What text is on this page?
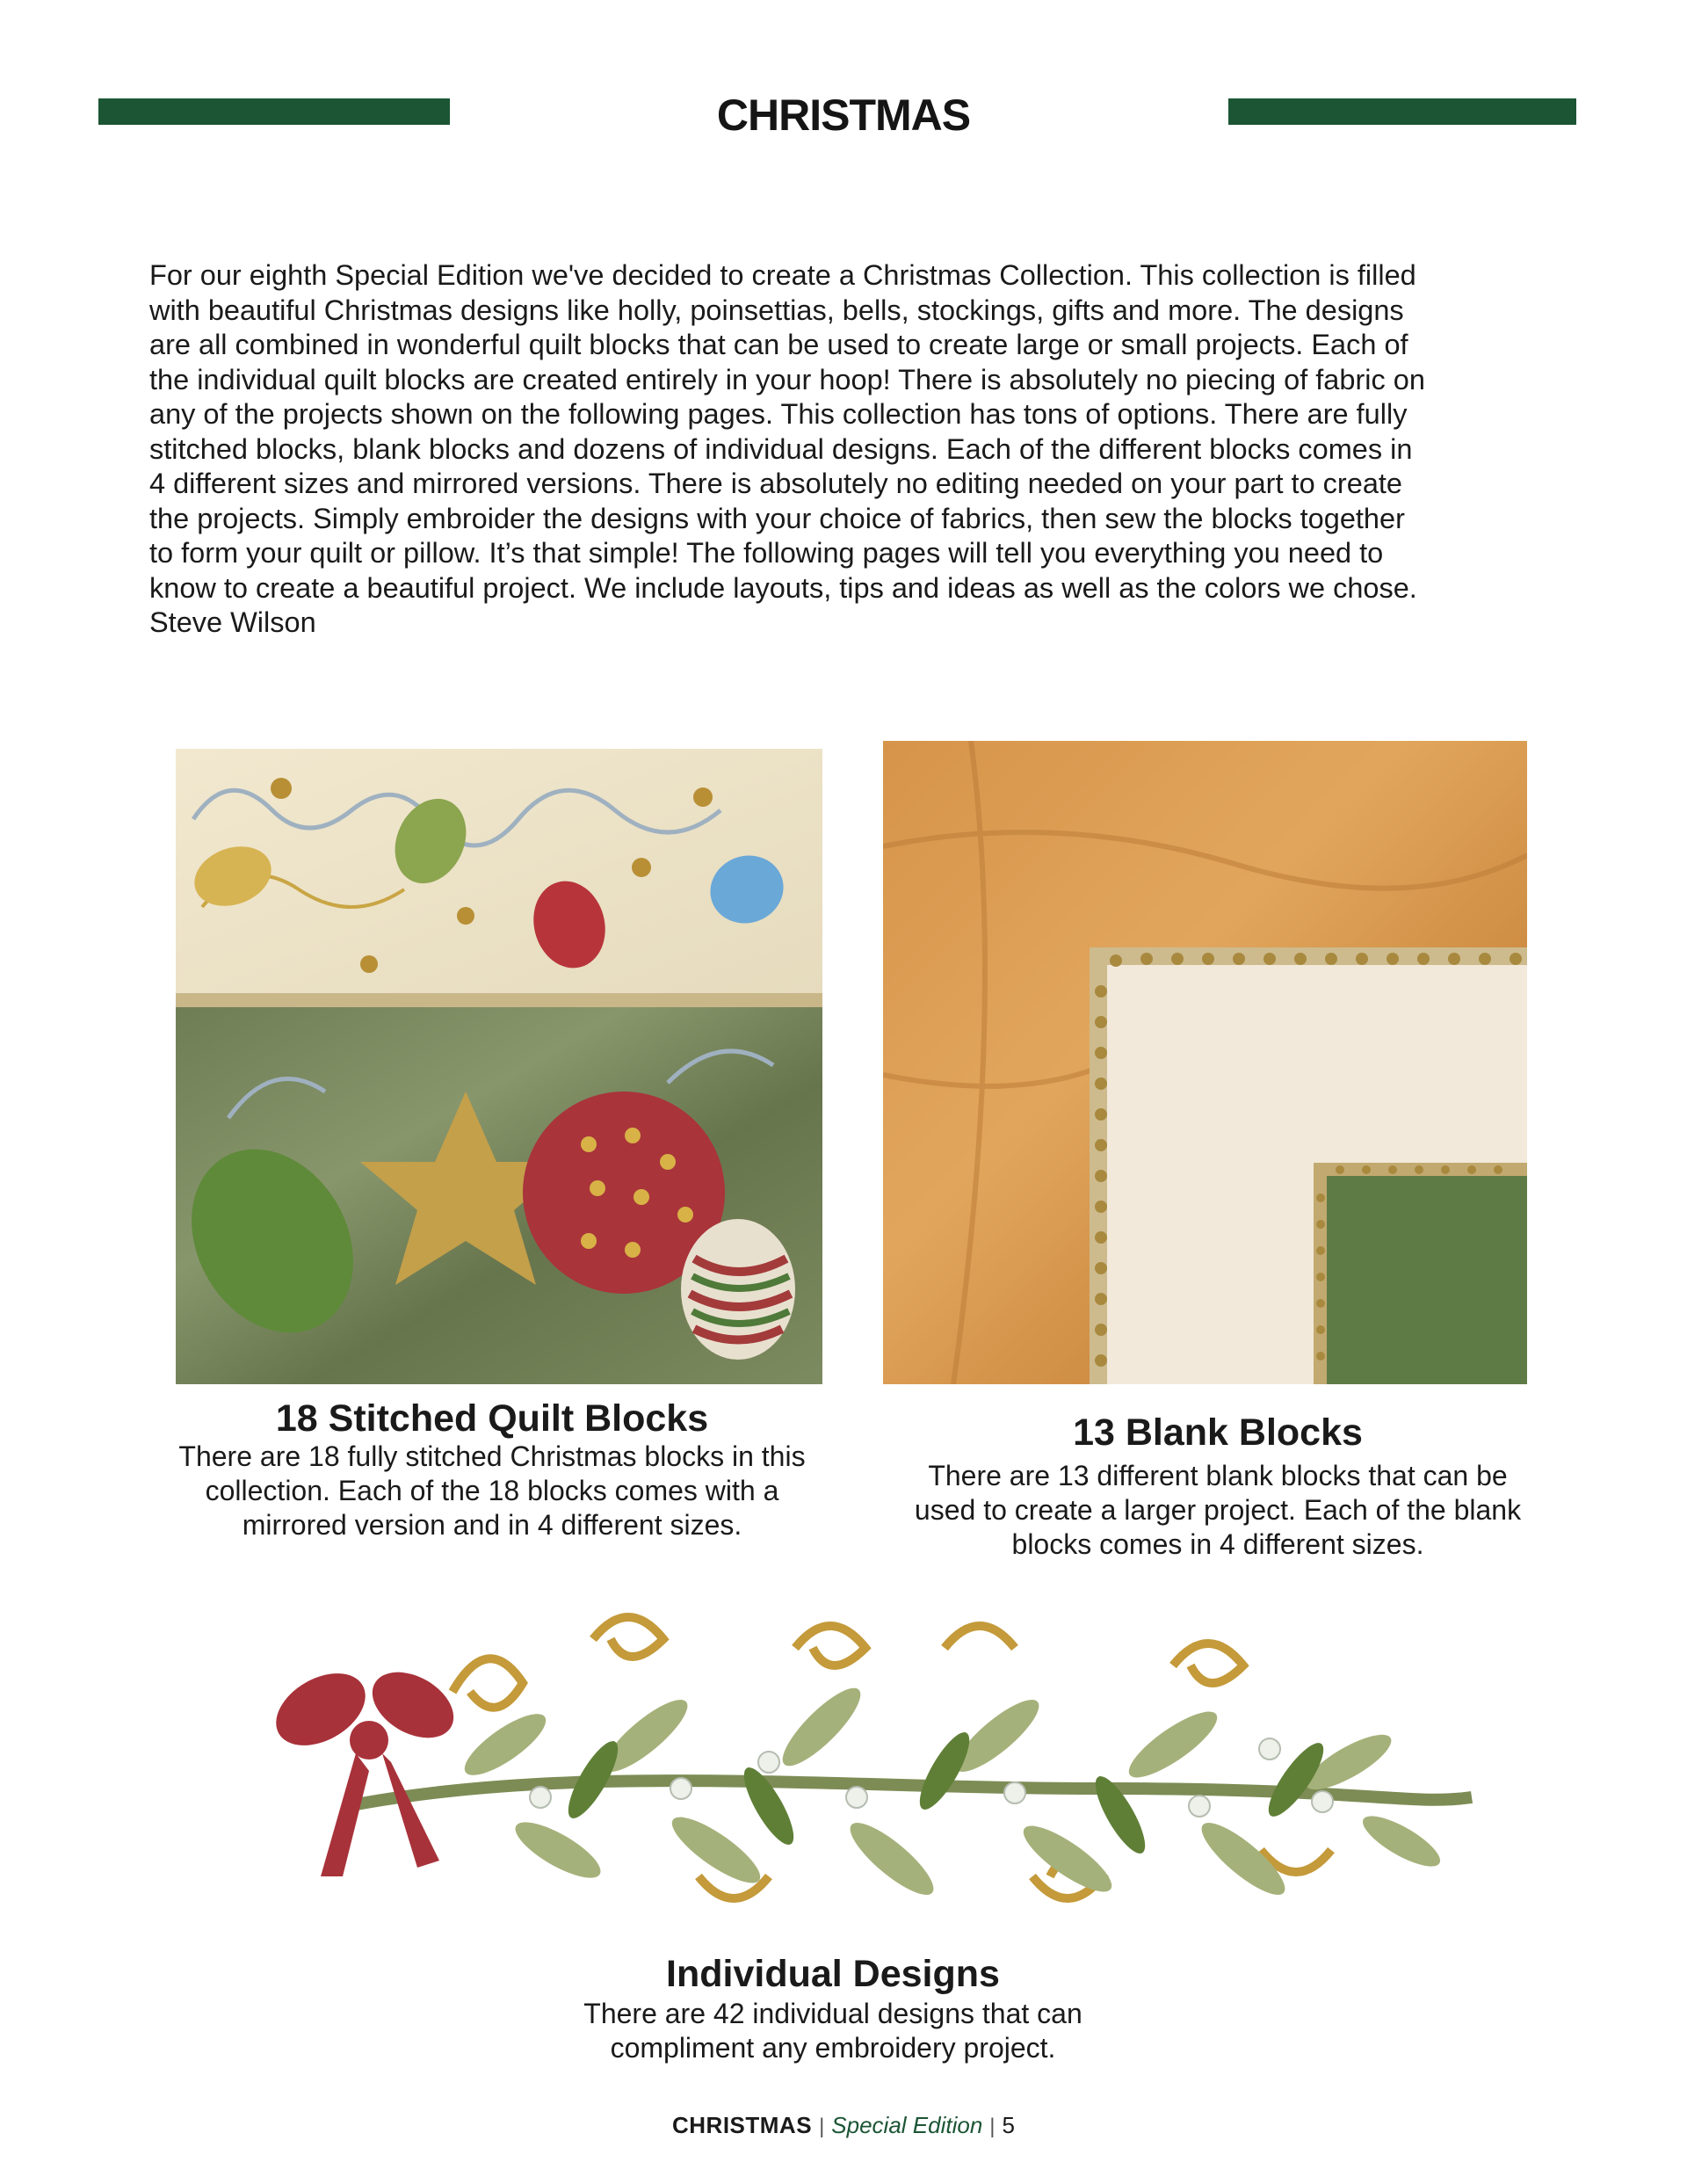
CHRISTMAS

For our eighth Special Edition we've decided to create a Christmas Collection. This collection is filled
with beautiful Christmas designs like holly, poinsettias, bells, stockings, gifts and more. The designs
are all combined in wonderful quilt blocks that can be used to create large or small projects. Each of
the individual quilt blocks are created entirely in your hoop! There is absolutely no piecing of fabric on
any of the projects shown on the following pages. This collection has tons of options. There are fully
stitched blocks, blank blocks and dozens of individual designs. Each of the different blocks comes in
4 different sizes and mirrored versions. There is absolutely no editing needed on your part to create
the projects. Simply embroider the designs with your choice of fabrics, then sew the blocks together
to form your quilt or pillow. It’s that simple! The following pages will tell you everything you need to
know to create a beautiful project. We include layouts, tips and ideas as well as the colors we chose.
Steve Wilson

18 Stitched Quilt Blocks

There are 18 fully stitched Christmas blocks in this
collection. Each of the 18 blocks comes with a
mirrored version and in 4 different sizes.

13 Blank Blocks

There are 13 different blank blocks that can be
used to create a larger project. Each of the blank
blocks comes in 4 different sizes.

Individual Designs

There are 42 individual designs that can
compliment any embroidery project.

CHRISTMAS | Special Edition | 5
